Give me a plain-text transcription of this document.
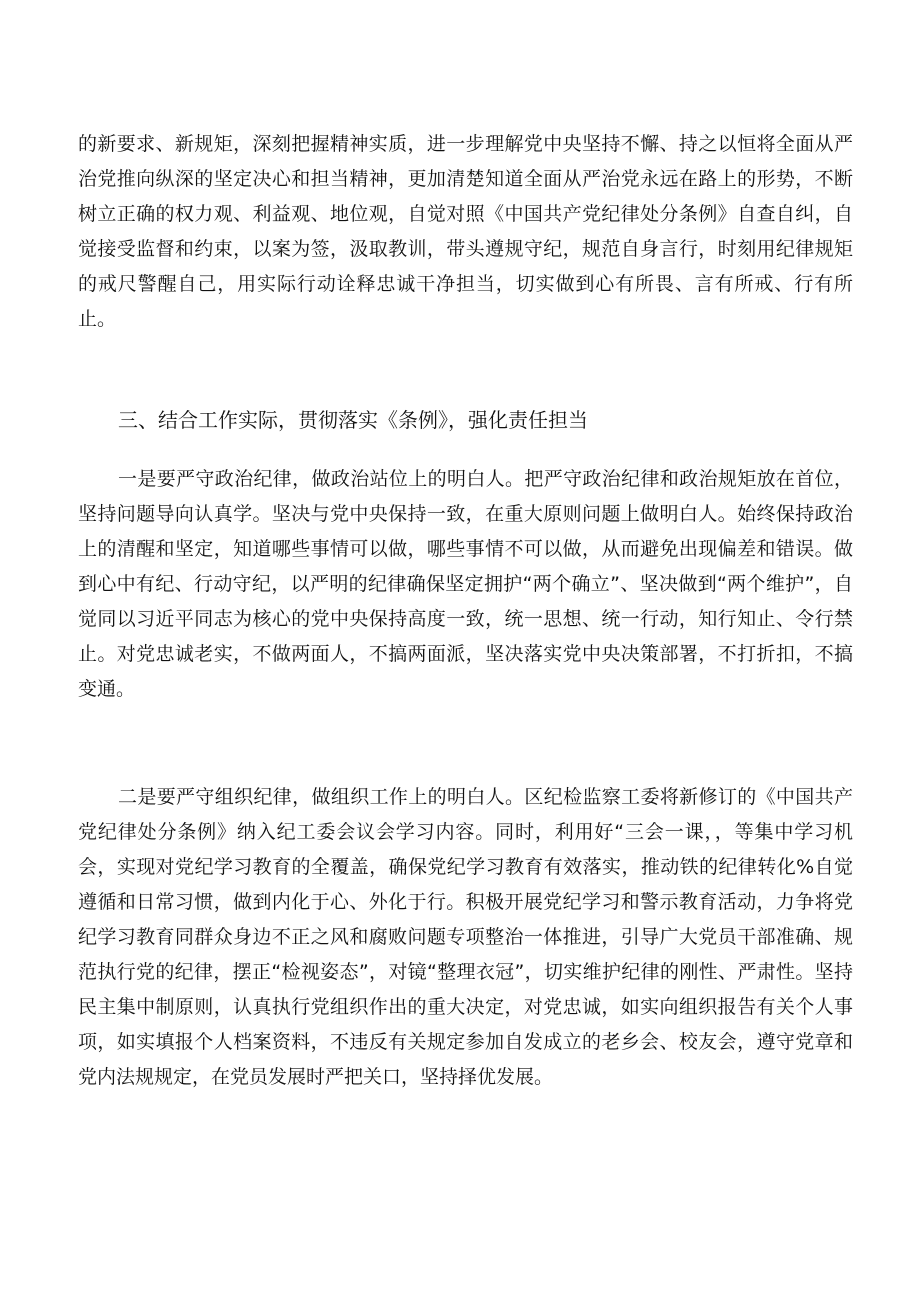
的新要求、新规矩，深刻把握精神实质，进一步理解党中央坚持不懈、持之以恒将全面从严治党推向纵深的坚定决心和担当精神，更加清楚知道全面从严治党永远在路上的形势，不断树立正确的权力观、利益观、地位观，自觉对照《中国共产党纪律处分条例》自查自纠，自觉接受监督和约束，以案为签，汲取教训，带头遵规守纪，规范自身言行，时刻用纪律规矩的戒尺警醒自己，用实际行动诠释忠诚干净担当，切实做到心有所畏、言有所戒、行有所止。

三、结合工作实际，贯彻落实《条例》，强化责任担当

一是要严守政治纪律，做政治站位上的明白人。把严守政治纪律和政治规矩放在首位，坚持问题导向认真学。坚决与党中央保持一致，在重大原则问题上做明白人。始终保持政治上的清醒和坚定，知道哪些事情可以做，哪些事情不可以做，从而避免出现偏差和错误。做到心中有纪、行动守纪，以严明的纪律确保坚定拥护“两个确立”、坚决做到“两个维护”，自觉同以习近平同志为核心的党中央保持高度一致，统一思想、统一行动，知行知止、令行禁止。对党忠诚老实，不做两面人，不搞两面派，坚决落实党中央决策部署，不打折扣，不搞变通。

二是要严守组织纪律，做组织工作上的明白人。区纪检监察工委将新修订的《中国共产党纪律处分条例》纳入纪工委会议会学习内容。同时，利用好“三会一课，，等集中学习机会，实现对党纪学习教育的全覆盖，确保党纪学习教育有效落实，推动铁的纪律转化%自觉遵循和日常习惯，做到内化于心、外化于行。积极开展党纪学习和警示教育活动，力争将党纪学习教育同群众身边不正之风和腐败问题专项整治一体推进，引导广大党员干部准确、规范执行党的纪律，摆正“检视姿态”，对镜“整理衣冠”，切实维护纪律的刚性、严肃性。坚持民主集中制原则，认真执行党组织作出的重大决定，对党忠诚，如实向组织报告有关个人事项，如实填报个人档案资料，不违反有关规定参加自发成立的老乡会、校友会，遵守党章和党内法规规定，在党员发展时严把关口，坚持择优发展。
